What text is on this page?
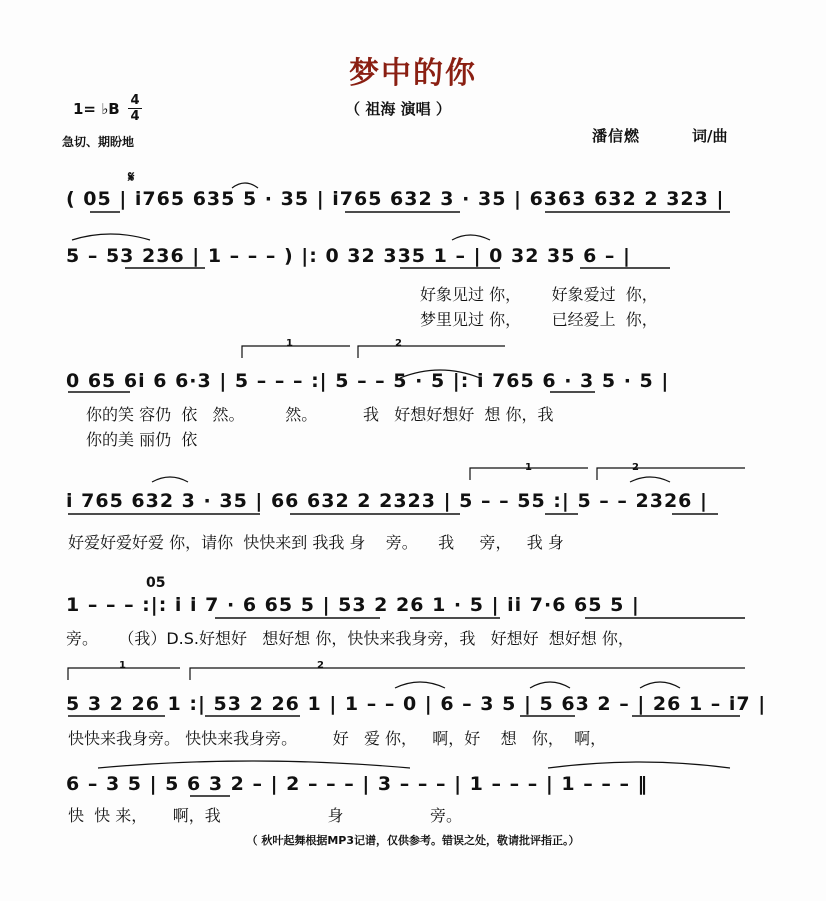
梦中的你
（ 祖海 演唱 ）
1= ♭B 4
4
急切、期盼地	潘信燃	词/曲
𝄋
( 05 | i765 635 5 · 35 | i765 632 3 · 35 | 6363 632 2 323 |
5 – 53 236 | 1 – – – ) |: 0 32 335 1 – | 0 32 35 6 – |
好象见过 你，      好象爱过  你，
梦里见过 你，      已经爱上  你，
1	2
0 65 6i 6 6·3 | 5 – – – :| 5 – – 5 · 5 |: i 765 6 · 3 5 · 5 |
你的笑 容仍  依   然。        然。         我   好想好想好  想 你，我
你的美 丽仍  依
1	2
i 765 632 3 · 35 | 66 632 2 2323 | 5 – – 55 :| 5 – – 2326 |
好爱好爱好爱 你，请你  快快来到 我我 身    旁。    我     旁，   我 身
05
1 – – – :|: i i 7 · 6 65 5 | 53 2 26 1 · 5 | ii 7·6 65 5 |
旁。    （我）D.S.好想好   想好想 你，快快来我身旁，我   好想好  想好想 你，
1	2
5 3 2 26 1 :| 53 2 26 1 | 1 – – 0 | 6 – 3 5 | 5 63 2 – | 26 1 – i7 |
快快来我身旁。 快快来我身旁。       好   爱 你，   啊，好    想   你，  啊，
6 – 3 5 | 5 6 3 2 – | 2 – – – | 3 – – – | 1 – – – | 1 – – – ‖
快  快 来，     啊，我                     身                 旁。
（ 秋叶起舞根据MP3记谱，仅供参考。错误之处，敬请批评指正。）
